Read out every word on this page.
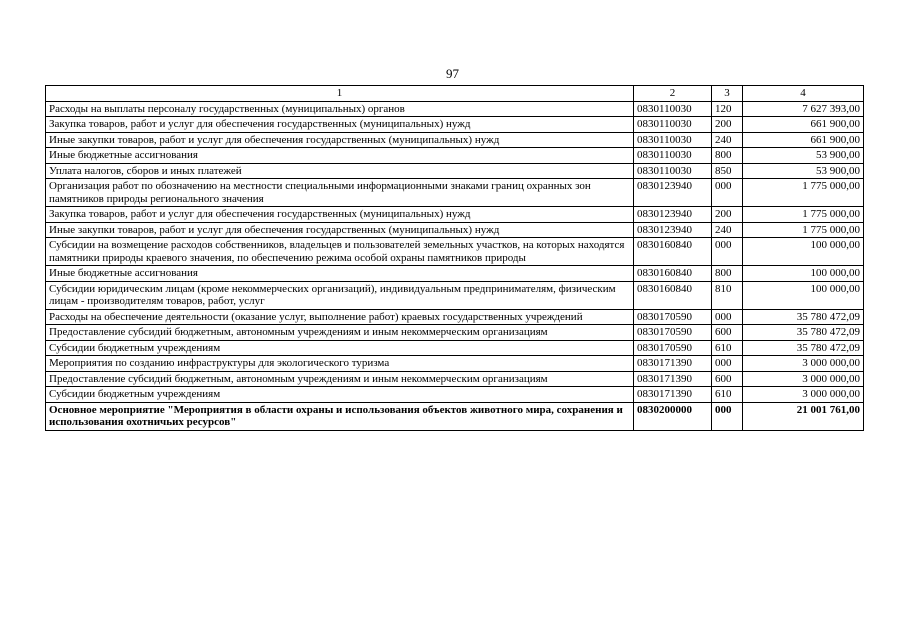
97
1	2	3	4
Расходы на выплаты персоналу государственных (муниципальных) органов	0830110030	120	7 627 393,00
Закупка товаров, работ и услуг для обеспечения государственных (муниципальных) нужд	0830110030	200	661 900,00
Иные закупки товаров, работ и услуг для обеспечения государственных (муниципальных) нужд	0830110030	240	661 900,00
Иные бюджетные ассигнования	0830110030	800	53 900,00
Уплата налогов, сборов и иных платежей	0830110030	850	53 900,00
Организация работ по обозначению на местности специальными информационными знаками границ охранных зон памятников природы регионального значения	0830123940	000	1 775 000,00
Закупка товаров, работ и услуг для обеспечения государственных (муниципальных) нужд	0830123940	200	1 775 000,00
Иные закупки товаров, работ и услуг для обеспечения государственных (муниципальных) нужд	0830123940	240	1 775 000,00
Субсидии на возмещение расходов собственников, владельцев и пользователей земельных участков, на которых находятся памятники природы краевого значения, по обеспечению режима особой охраны памятников природы	0830160840	000	100 000,00
Иные бюджетные ассигнования	0830160840	800	100 000,00
Субсидии юридическим лицам (кроме некоммерческих организаций), индивидуальным предпринимателям, физическим лицам - производителям товаров, работ, услуг	0830160840	810	100 000,00
Расходы на обеспечение деятельности (оказание услуг, выполнение работ) краевых государственных учреждений	0830170590	000	35 780 472,09
Предоставление субсидий бюджетным, автономным учреждениям и иным некоммерческим организациям	0830170590	600	35 780 472,09
Субсидии бюджетным учреждениям	0830170590	610	35 780 472,09
Мероприятия по созданию инфраструктуры для экологического туризма	0830171390	000	3 000 000,00
Предоставление субсидий бюджетным, автономным учреждениям и иным некоммерческим организациям	0830171390	600	3 000 000,00
Субсидии бюджетным учреждениям	0830171390	610	3 000 000,00
Основное мероприятие "Мероприятия в области охраны и использования объектов животного мира, сохранения и использования охотничьих ресурсов"	0830200000	000	21 001 761,00
